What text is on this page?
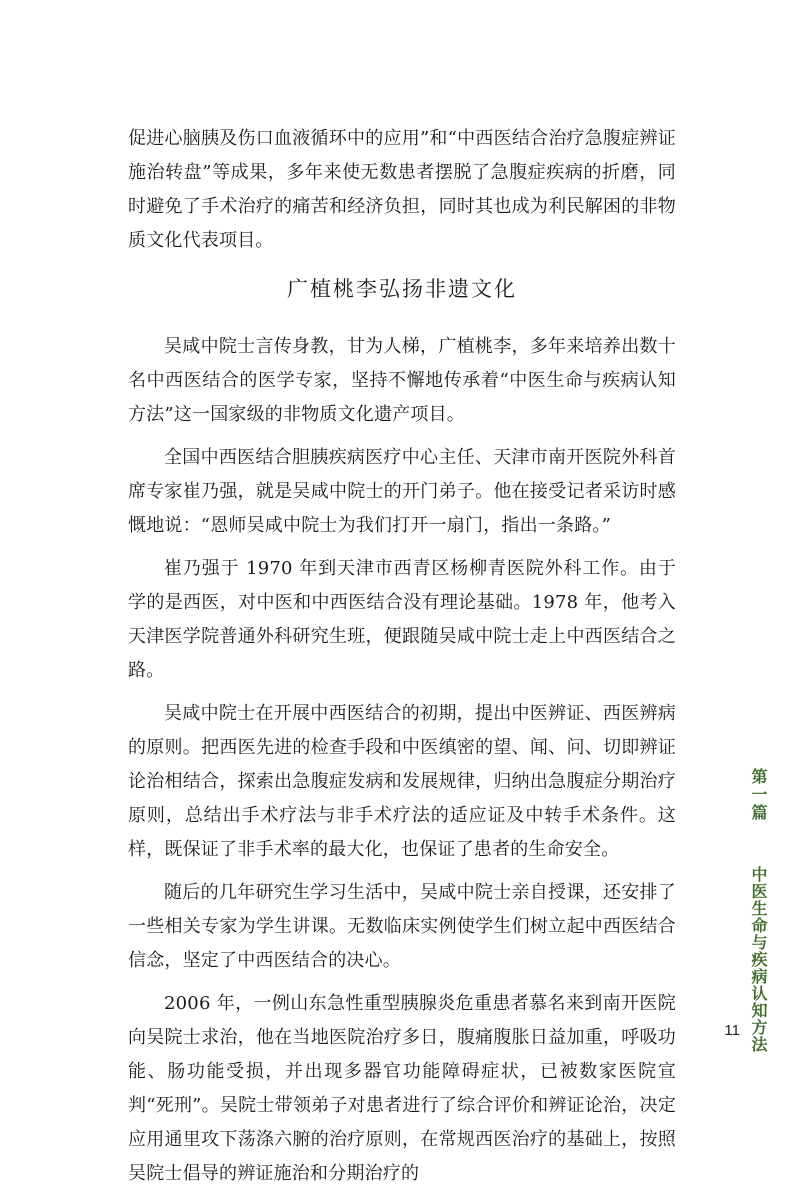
促进心脑胰及伤口血液循环中的应用”和“中西医结合治疗急腹症辨证施治转盘”等成果，多年来使无数患者摆脱了急腹症疾病的折磨，同时避免了手术治疗的痛苦和经济负担，同时其也成为利民解困的非物质文化代表项目。

广植桃李弘扬非遗文化

吴咸中院士言传身教，甘为人梯，广植桃李，多年来培养出数十名中西医结合的医学专家，坚持不懈地传承着“中医生命与疾病认知方法”这一国家级的非物质文化遗产项目。

全国中西医结合胆胰疾病医疗中心主任、天津市南开医院外科首席专家崔乃强，就是吴咸中院士的开门弟子。他在接受记者采访时感慨地说：“恩师吴咸中院士为我们打开一扇门，指出一条路。”

崔乃强于 1970 年到天津市西青区杨柳青医院外科工作。由于学的是西医，对中医和中西医结合没有理论基础。1978 年，他考入天津医学院普通外科研究生班，便跟随吴咸中院士走上中西医结合之路。

吴咸中院士在开展中西医结合的初期，提出中医辨证、西医辨病的原则。把西医先进的检查手段和中医缜密的望、闻、问、切即辨证论治相结合，探索出急腹症发病和发展规律，归纳出急腹症分期治疗原则，总结出手术疗法与非手术疗法的适应证及中转手术条件。这样，既保证了非手术率的最大化，也保证了患者的生命安全。

随后的几年研究生学习生活中，吴咸中院士亲自授课，还安排了一些相关专家为学生讲课。无数临床实例使学生们树立起中西医结合信念，坚定了中西医结合的决心。

2006 年，一例山东急性重型胰腺炎危重患者慕名来到南开医院向吴院士求治，他在当地医院治疗多日，腹痛腹胀日益加重，呼吸功能、肠功能受损，并出现多器官功能障碍症状，已被数家医院宣判“死刑”。吴院士带领弟子对患者进行了综合评价和辨证论治，决定应用通里攻下荡涤六腑的治疗原则，在常规西医治疗的基础上，按照吴院士倡导的辨证施治和分期治疗的

第一篇
中医生命与疾病认知方法
11
